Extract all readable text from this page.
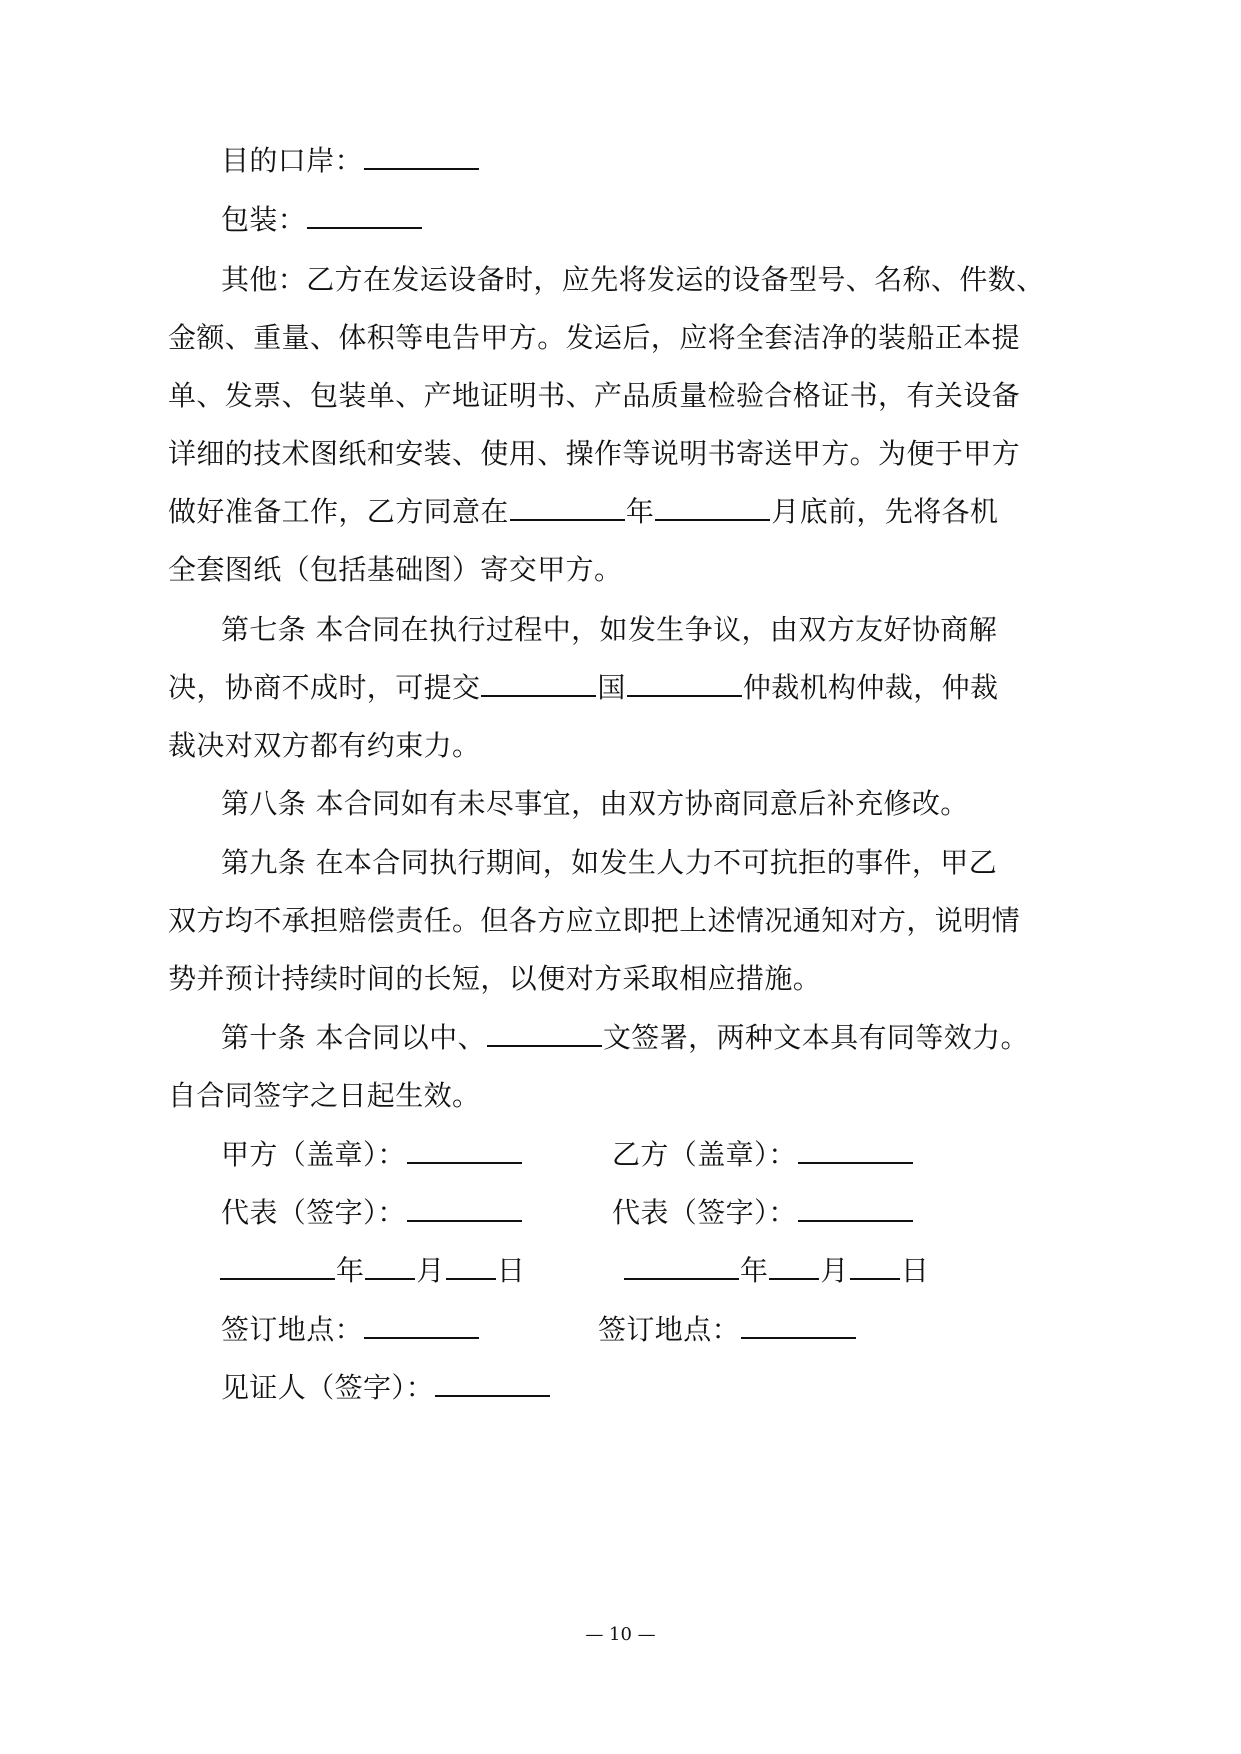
目的口岸：
包装：
其他：乙方在发运设备时，应先将发运的设备型号、名称、件数、
金额、重量、体积等电告甲方。发运后，应将全套洁净的装船正本提
单、发票、包装单、产地证明书、产品质量检验合格证书，有关设备
详细的技术图纸和安装、使用、操作等说明书寄送甲方。为便于甲方
做好准备工作，乙方同意在	年	月底前，先将各机
全套图纸（包括基础图）寄交甲方。
第七条 本合同在执行过程中，如发生争议，由双方友好协商解
决，协商不成时，可提交	国	仲裁机构仲裁，仲裁
裁决对双方都有约束力。
第八条 本合同如有未尽事宜，由双方协商同意后补充修改。
第九条 在本合同执行期间，如发生人力不可抗拒的事件，甲乙
双方均不承担赔偿责任。但各方应立即把上述情况通知对方，说明情
势并预计持续时间的长短，以便对方采取相应措施。
第十条 本合同以中、	文签署，两种文本具有同等效力。
自合同签字之日起生效。
甲方（盖章）：	乙方（盖章）：
代表（签字）：	代表（签字）：
年 月 日	年 月 日
签订地点：	签订地点：
见证人（签字）：
— 10 —
